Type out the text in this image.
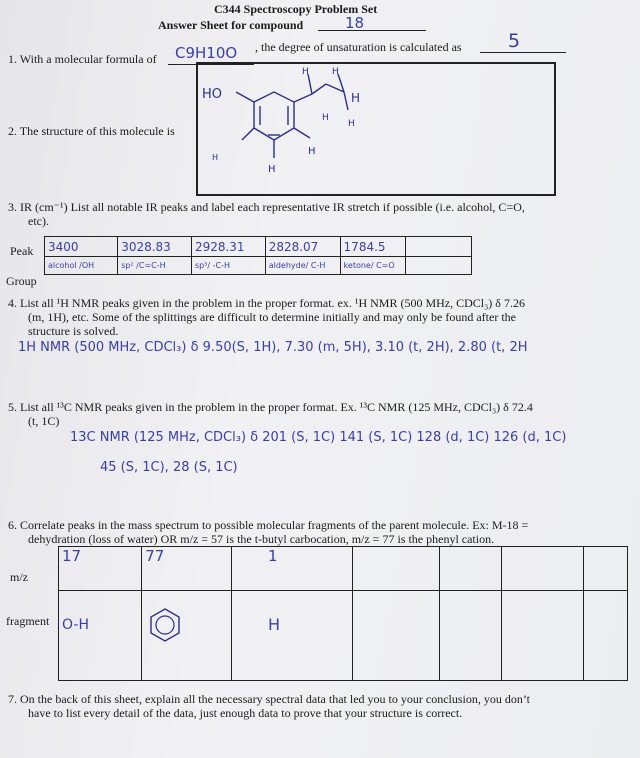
C344 Spectroscopy Problem Set
Answer Sheet for compound	18
1. With a molecular formula of C9H10O , the degree of unsaturation is calculated as 5
2. The structure of this molecule is
HO
H	H
H
H
H
H
H
H
3. IR (cm⁻¹) List all notable IR peaks and label each representative IR stretch if possible (i.e. alcohol, C=O,
etc).
Peak
Group
3400	3028.83	2928.31	2828.07	1784.5	
alcohol /OH	sp² /C=C-H	sp³/ -C-H	aldehyde/ C-H	ketone/ C=O	
4. List all ¹H NMR peaks given in the problem in the proper format. ex. ¹H NMR (500 MHz, CDCl₃) δ 7.26
(m, 1H), etc. Some of the splittings are difficult to determine initially and may only be found after the
structure is solved.
1H NMR (500 MHz, CDCl₃) δ 9.50(S, 1H), 7.30 (m, 5H), 3.10 (t, 2H), 2.80 (t, 2H
5. List all ¹³C NMR peaks given in the problem in the proper format. Ex. ¹³C NMR (125 MHz, CDCl₃) δ 72.4
(t, 1C)
13C NMR (125 MHz, CDCl₃) δ 201 (S, 1C) 141 (S, 1C) 128 (d, 1C) 126 (d, 1C)
45 (S, 1C), 28 (S, 1C)
6. Correlate peaks in the mass spectrum to possible molecular fragments of the parent molecule. Ex: M-18 =
dehydration (loss of water) OR m/z = 57 is the t-butyl carbocation, m/z = 77 is the phenyl cation.
m/z
fragment
17	77	1				
O-H		H				
7. On the back of this sheet, explain all the necessary spectral data that led you to your conclusion, you don’t
have to list every detail of the data, just enough data to prove that your structure is correct.
